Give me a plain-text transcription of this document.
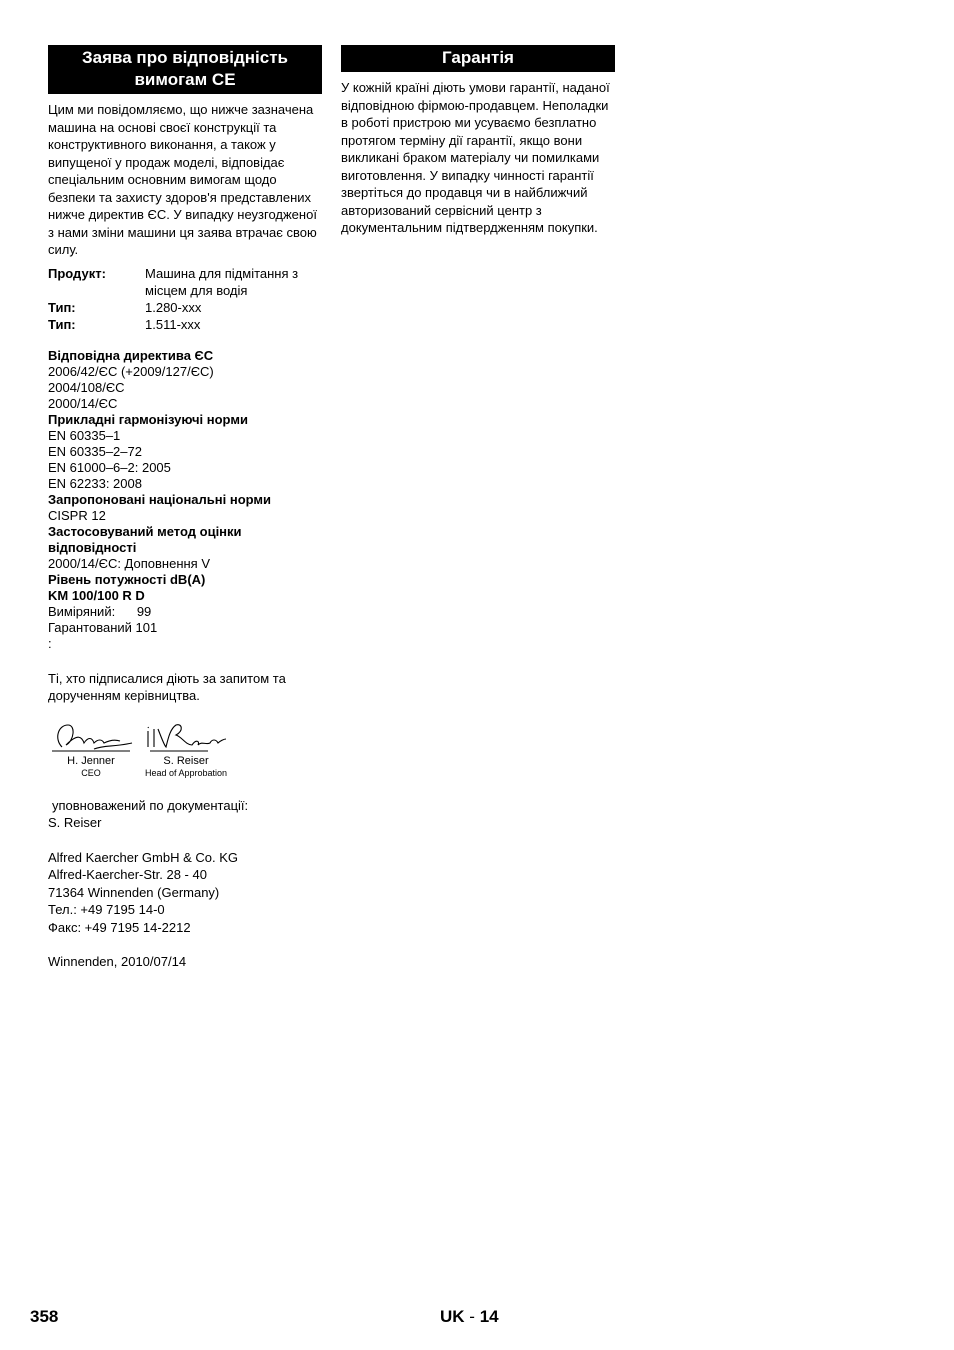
Заява про відповідність вимогам CE
Цим ми повідомляємо, що нижче зазначена машина на основі своєї конструкції та конструктивного виконання, а також у випущеної у продаж моделі, відповідає спеціальним основним вимогам щодо безпеки та захисту здоров'я представлених нижче директив ЄС. У випадку неузгодженої з нами зміни машини ця заява втрачає свою силу.
Продукт:	Машина для підмітання з місцем для водія
Тип:	1.280-xxx
Тип:	1.511-xxx
Відповідна директива ЄС
2006/42/ЄС (+2009/127/ЄС)
2004/108/ЄС
2000/14/ЄС
Прикладні гармонізуючі норми
EN 60335–1
EN 60335–2–72
EN 61000–6–2: 2005
EN 62233: 2008
Запропоновані національні норми
CISPR 12
Застосовуваний метод оцінки відповідності
2000/14/ЄС: Доповнення V
Рівень потужності dB(A)
KM 100/100 R D
Виміряний: 99
Гарантований 101
:
Ті, хто підписалися діють за запитом та дорученням керівництва.
H. Jenner
CEO
S. Reiser
Head of Approbation
уповноважений по документації:
S. Reiser
Alfred Kaercher GmbH & Co. KG
Alfred-Kaercher-Str. 28 - 40
71364 Winnenden (Germany)
Тел.: +49 7195 14-0
Факс: +49 7195 14-2212
Winnenden, 2010/07/14
Гарантія
У кожній країні діють умови гарантії, наданої відповідною фірмою-продавцем. Неполадки в роботі пристрою ми усуваємо безплатно протягом терміну дії гарантії, якщо вони викликані браком матеріалу чи помилками виготовлення. У випадку чинності гарантії звертіться до продавця чи в найближчий авторизований сервісний центр з документальним підтвердженням покупки.
358	UK - 14
